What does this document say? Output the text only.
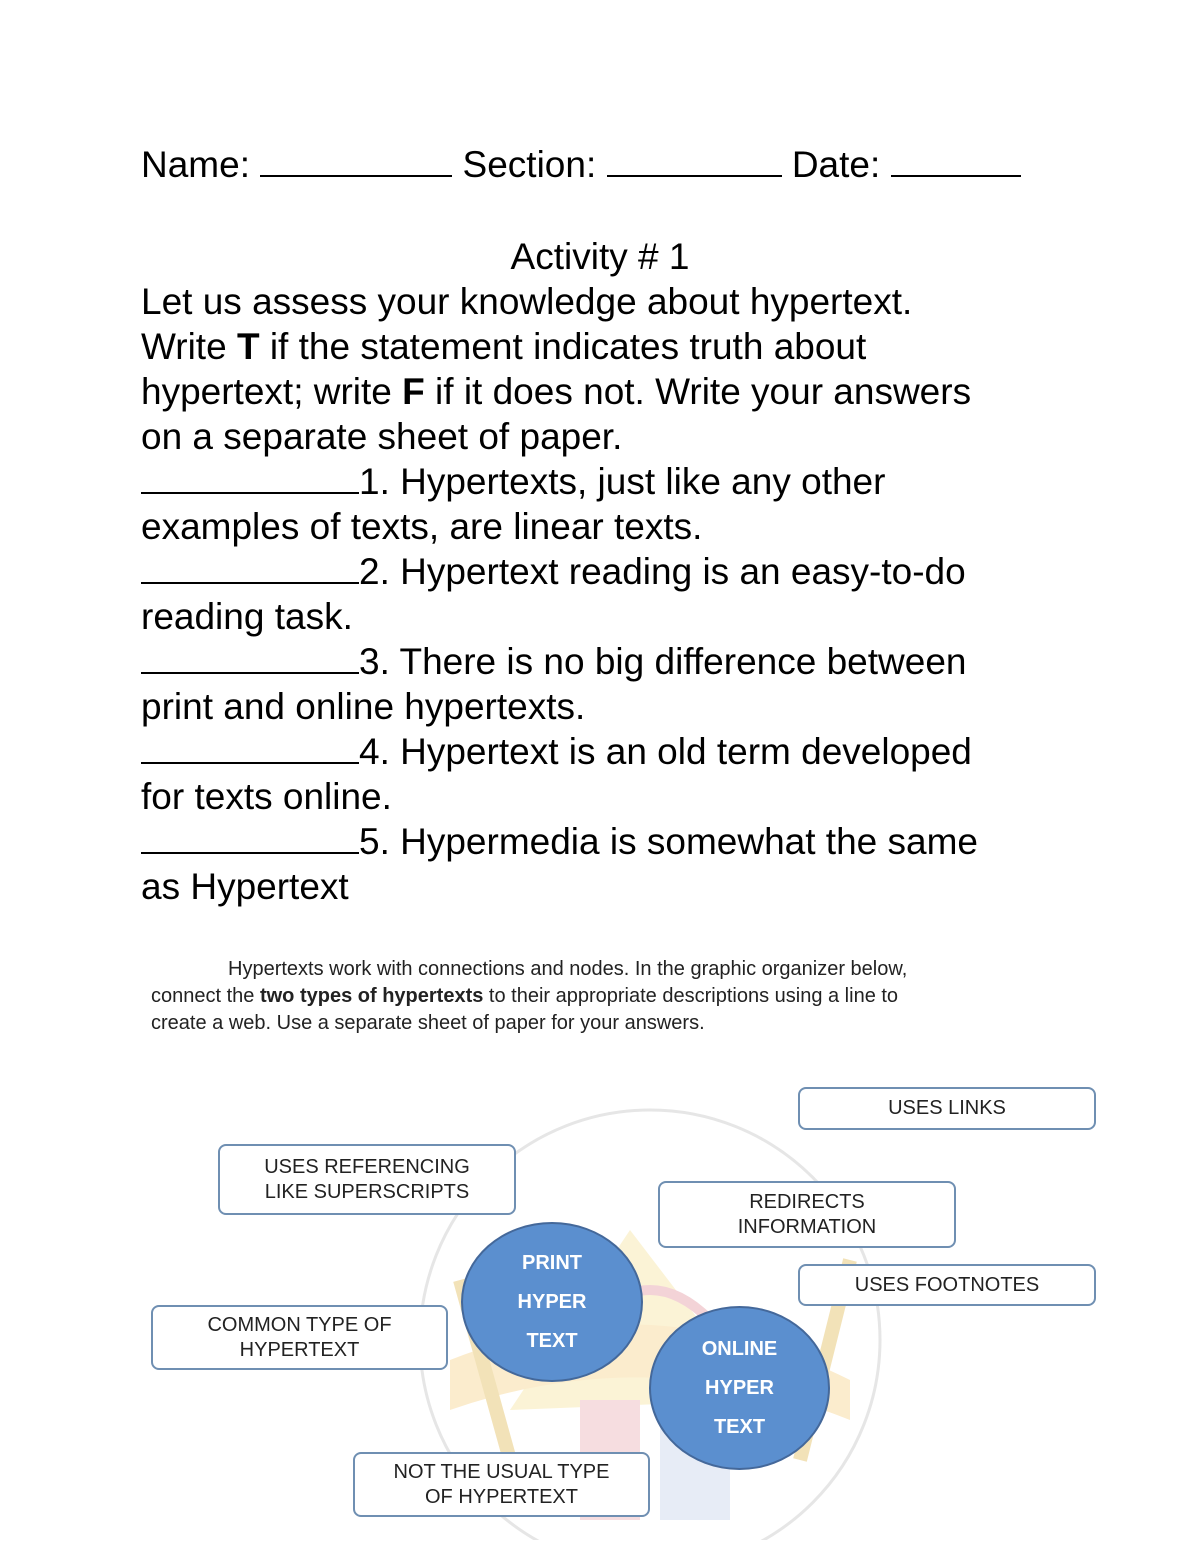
Name:	Section:	Date:
Activity # 1
Let us assess your knowledge about hypertext.
Write T if the statement indicates truth about
hypertext; write F if it does not. Write your answers
on a separate sheet of paper.
1. Hypertexts, just like any other
examples of texts, are linear texts.
2. Hypertext reading is an easy-to-do
reading task.
3. There is no big difference between
print and online hypertexts.
4. Hypertext is an old term developed
for texts online.
5. Hypermedia is somewhat the same
as Hypertext
Hypertexts work with connections and nodes. In the graphic organizer below,
connect the two types of hypertexts to their appropriate descriptions using a line to
create a web. Use a separate sheet of paper for your answers.
USES LINKS
USES REFERENCING
LIKE SUPERSCRIPTS	REDIRECTS
INFORMATION
USES FOOTNOTES
COMMON TYPE OF
HYPERTEXT
NOT THE USUAL TYPE
OF HYPERTEXT
PRINT
HYPER
TEXT	ONLINE
HYPER
TEXT
